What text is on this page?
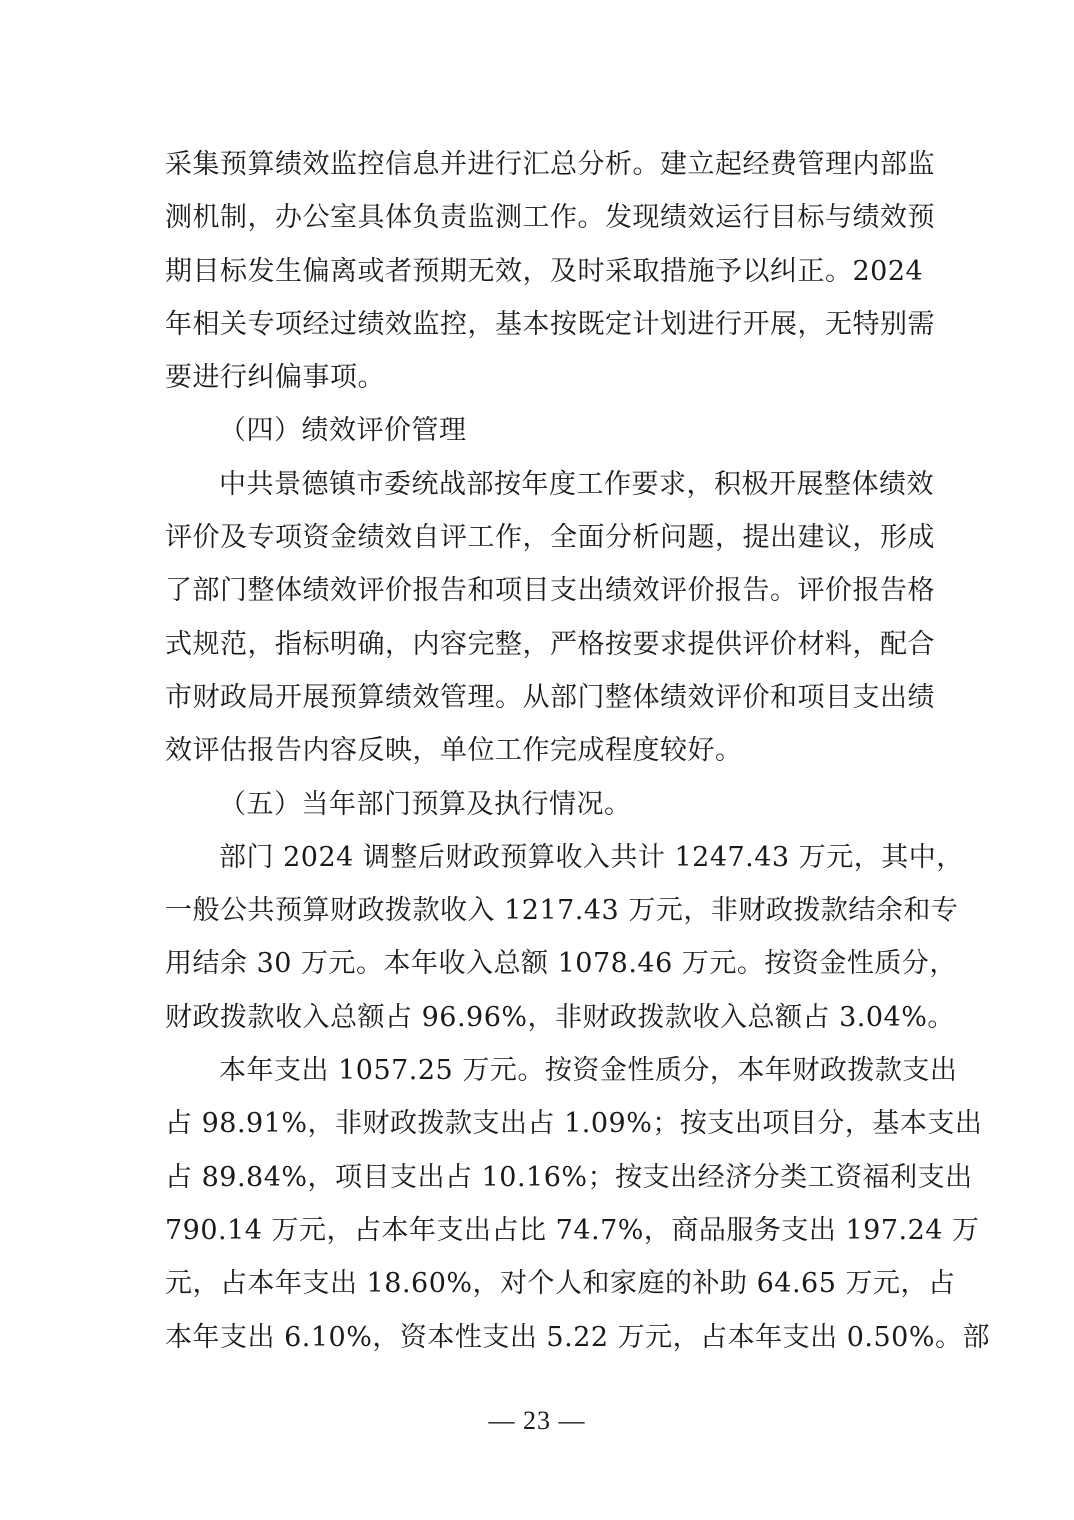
采集预算绩效监控信息并进行汇总分析。建立起经费管理内部监
测机制，办公室具体负责监测工作。发现绩效运行目标与绩效预
期目标发生偏离或者预期无效，及时采取措施予以纠正。2024
年相关专项经过绩效监控，基本按既定计划进行开展，无特别需
要进行纠偏事项。
（四）绩效评价管理
中共景德镇市委统战部按年度工作要求，积极开展整体绩效
评价及专项资金绩效自评工作，全面分析问题，提出建议，形成
了部门整体绩效评价报告和项目支出绩效评价报告。评价报告格
式规范，指标明确，内容完整，严格按要求提供评价材料，配合
市财政局开展预算绩效管理。从部门整体绩效评价和项目支出绩
效评估报告内容反映，单位工作完成程度较好。
（五）当年部门预算及执行情况。
部门 2024 调整后财政预算收入共计 1247.43 万元，其中，
一般公共预算财政拨款收入 1217.43 万元，非财政拨款结余和专
用结余 30 万元。本年收入总额 1078.46 万元。按资金性质分，
财政拨款收入总额占 96.96%，非财政拨款收入总额占 3.04%。
本年支出 1057.25 万元。按资金性质分，本年财政拨款支出
占 98.91%，非财政拨款支出占 1.09%；按支出项目分，基本支出
占 89.84%，项目支出占 10.16%；按支出经济分类工资福利支出
790.14 万元，占本年支出占比 74.7%，商品服务支出 197.24 万
元，占本年支出 18.60%，对个人和家庭的补助 64.65 万元，占
本年支出 6.10%，资本性支出 5.22 万元，占本年支出 0.50%。部
— 23 —
